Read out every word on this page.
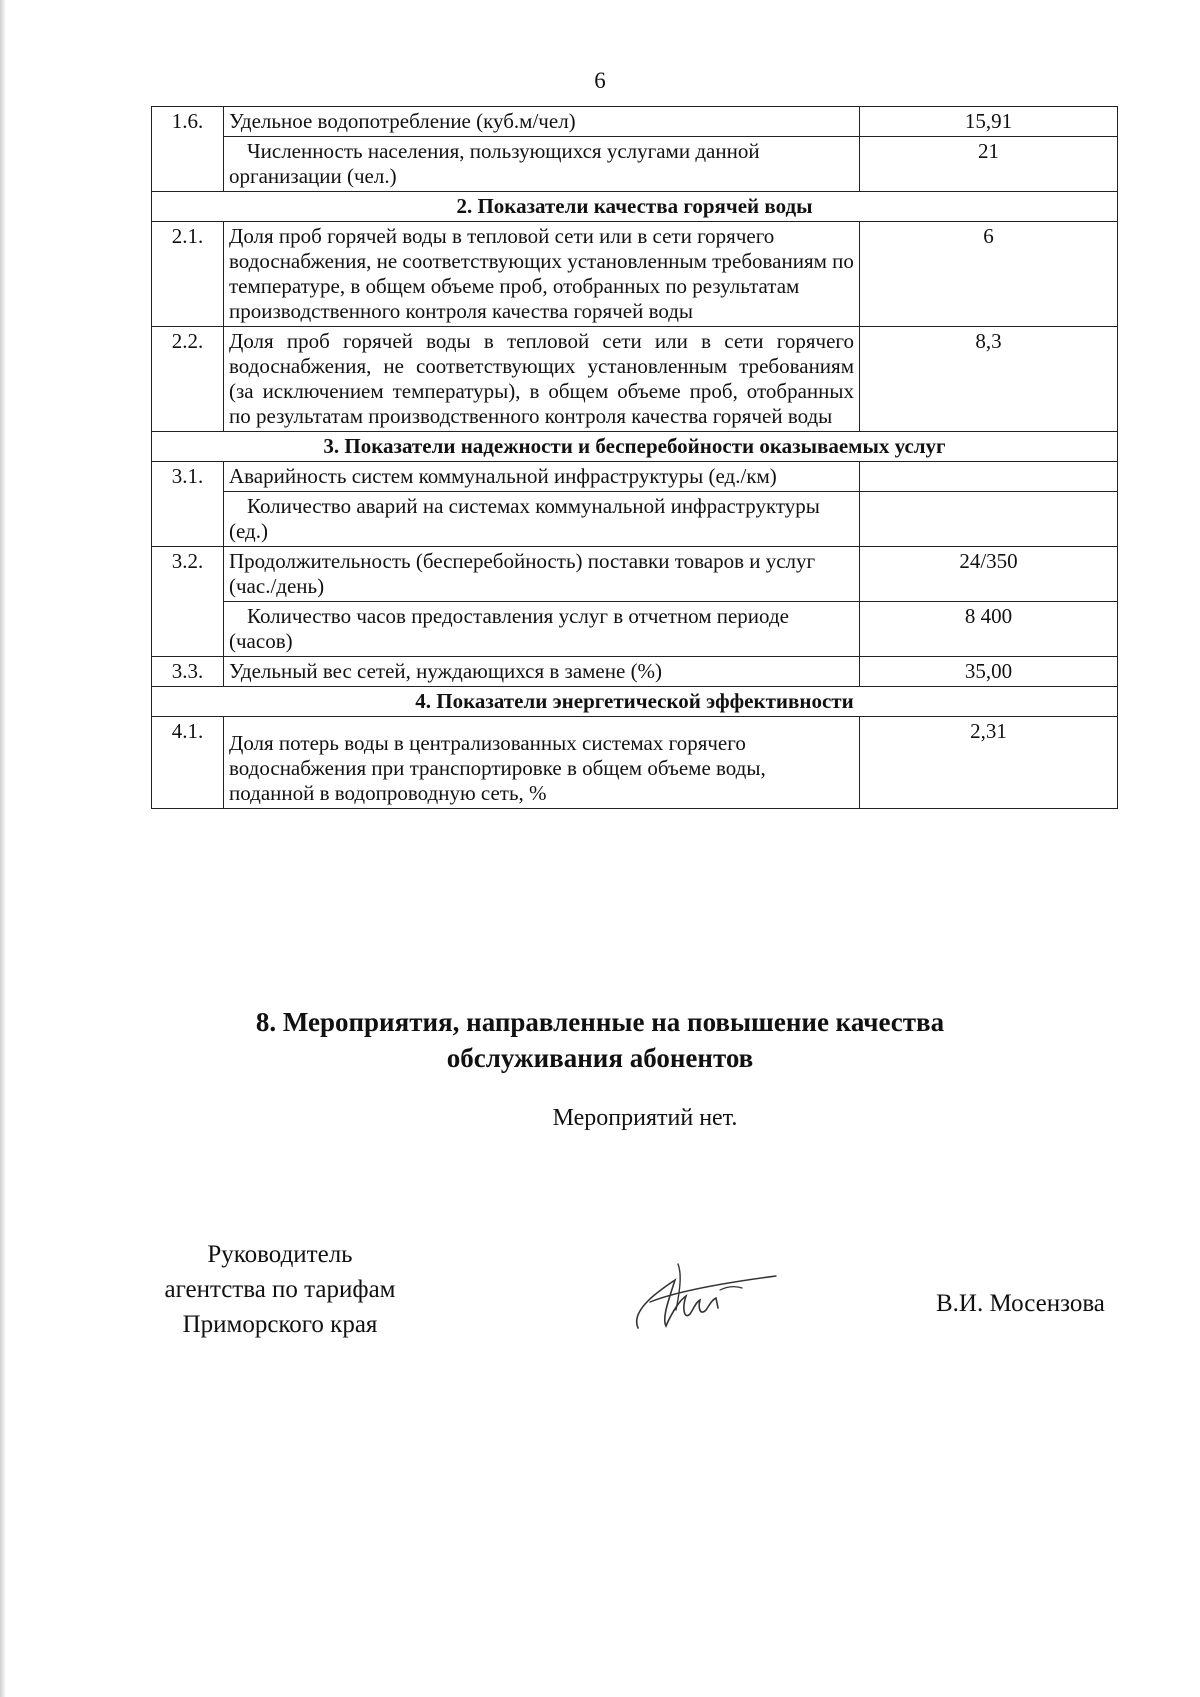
6
1.6.	Удельное водопотребление (куб.м/чел)	15,91
	Численность населения, пользующихся услугами данной организации (чел.)	21
2. Показатели качества горячей воды		
2.1.	Доля проб горячей воды в тепловой сети или в сети горячего водоснабжения, не соответствующих установленным требованиям по температуре, в общем объеме проб, отобранных по результатам производственного контроля качества горячей воды	6
2.2.	Доля проб горячей воды в тепловой сети или в сети горячего водоснабжения, не соответствующих установленным требованиям (за исключением температуры), в общем объеме проб, отобранных по результатам производственного контроля качества горячей воды	8,3
3. Показатели надежности и бесперебойности оказываемых услуг		
3.1.	Аварийность систем коммунальной инфраструктуры (ед./км)	
	Количество аварий на системах коммунальной инфраструктуры (ед.)	
3.2.	Продолжительность (бесперебойность) поставки товаров и услуг (час./день)	24/350
	Количество часов предоставления услуг в отчетном периоде (часов)	8 400
3.3.	Удельный вес сетей, нуждающихся в замене (%)	35,00
4. Показатели энергетической эффективности		
4.1.	Доля потерь воды в централизованных системах горячего водоснабжения при транспортировке в общем объеме воды, поданной в водопроводную сеть, %	2,31
8. Мероприятия, направленные на повышение качества
обслуживания абонентов
Мероприятий нет.
Руководитель
агентства по тарифам
Приморского края
В.И. Мосензова
